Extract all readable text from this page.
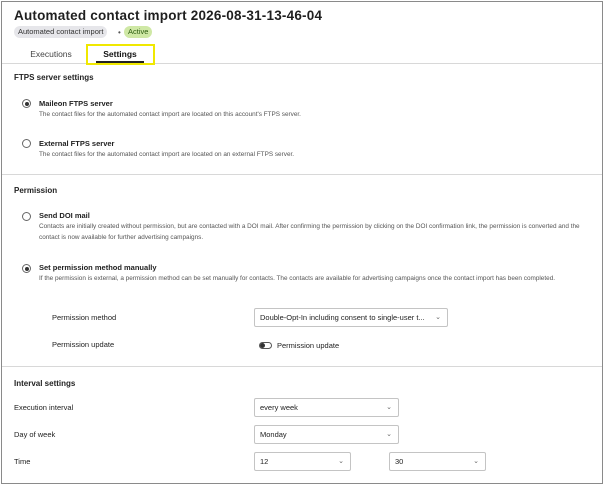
Automated contact import 2026-08-31-13-46-04
Automated contact import	• Active
Executions	Settings
FTPS server settings
Maileon FTPS server
The contact files for the automated contact import are located on this account's FTPS server.
External FTPS server
The contact files for the automated contact import are located on an external FTPS server.
Permission
Send DOI mail
Contacts are initially created without permission, but are contacted with a DOI mail. After confirming the permission by clicking on the DOI confirmation link, the permission is converted and the contact is now available for further advertising campaigns.
Set permission method manually
If the permission is external, a permission method can be set manually for contacts. The contacts are available for advertising campaigns once the contact import has been completed.
Permission method	Double-Opt-In including consent to single-user t...	⌄
Permission update	Permission update
Interval settings
Execution interval	every week	⌄
Day of week	Monday	⌄
Time	12	⌄	30	⌄
